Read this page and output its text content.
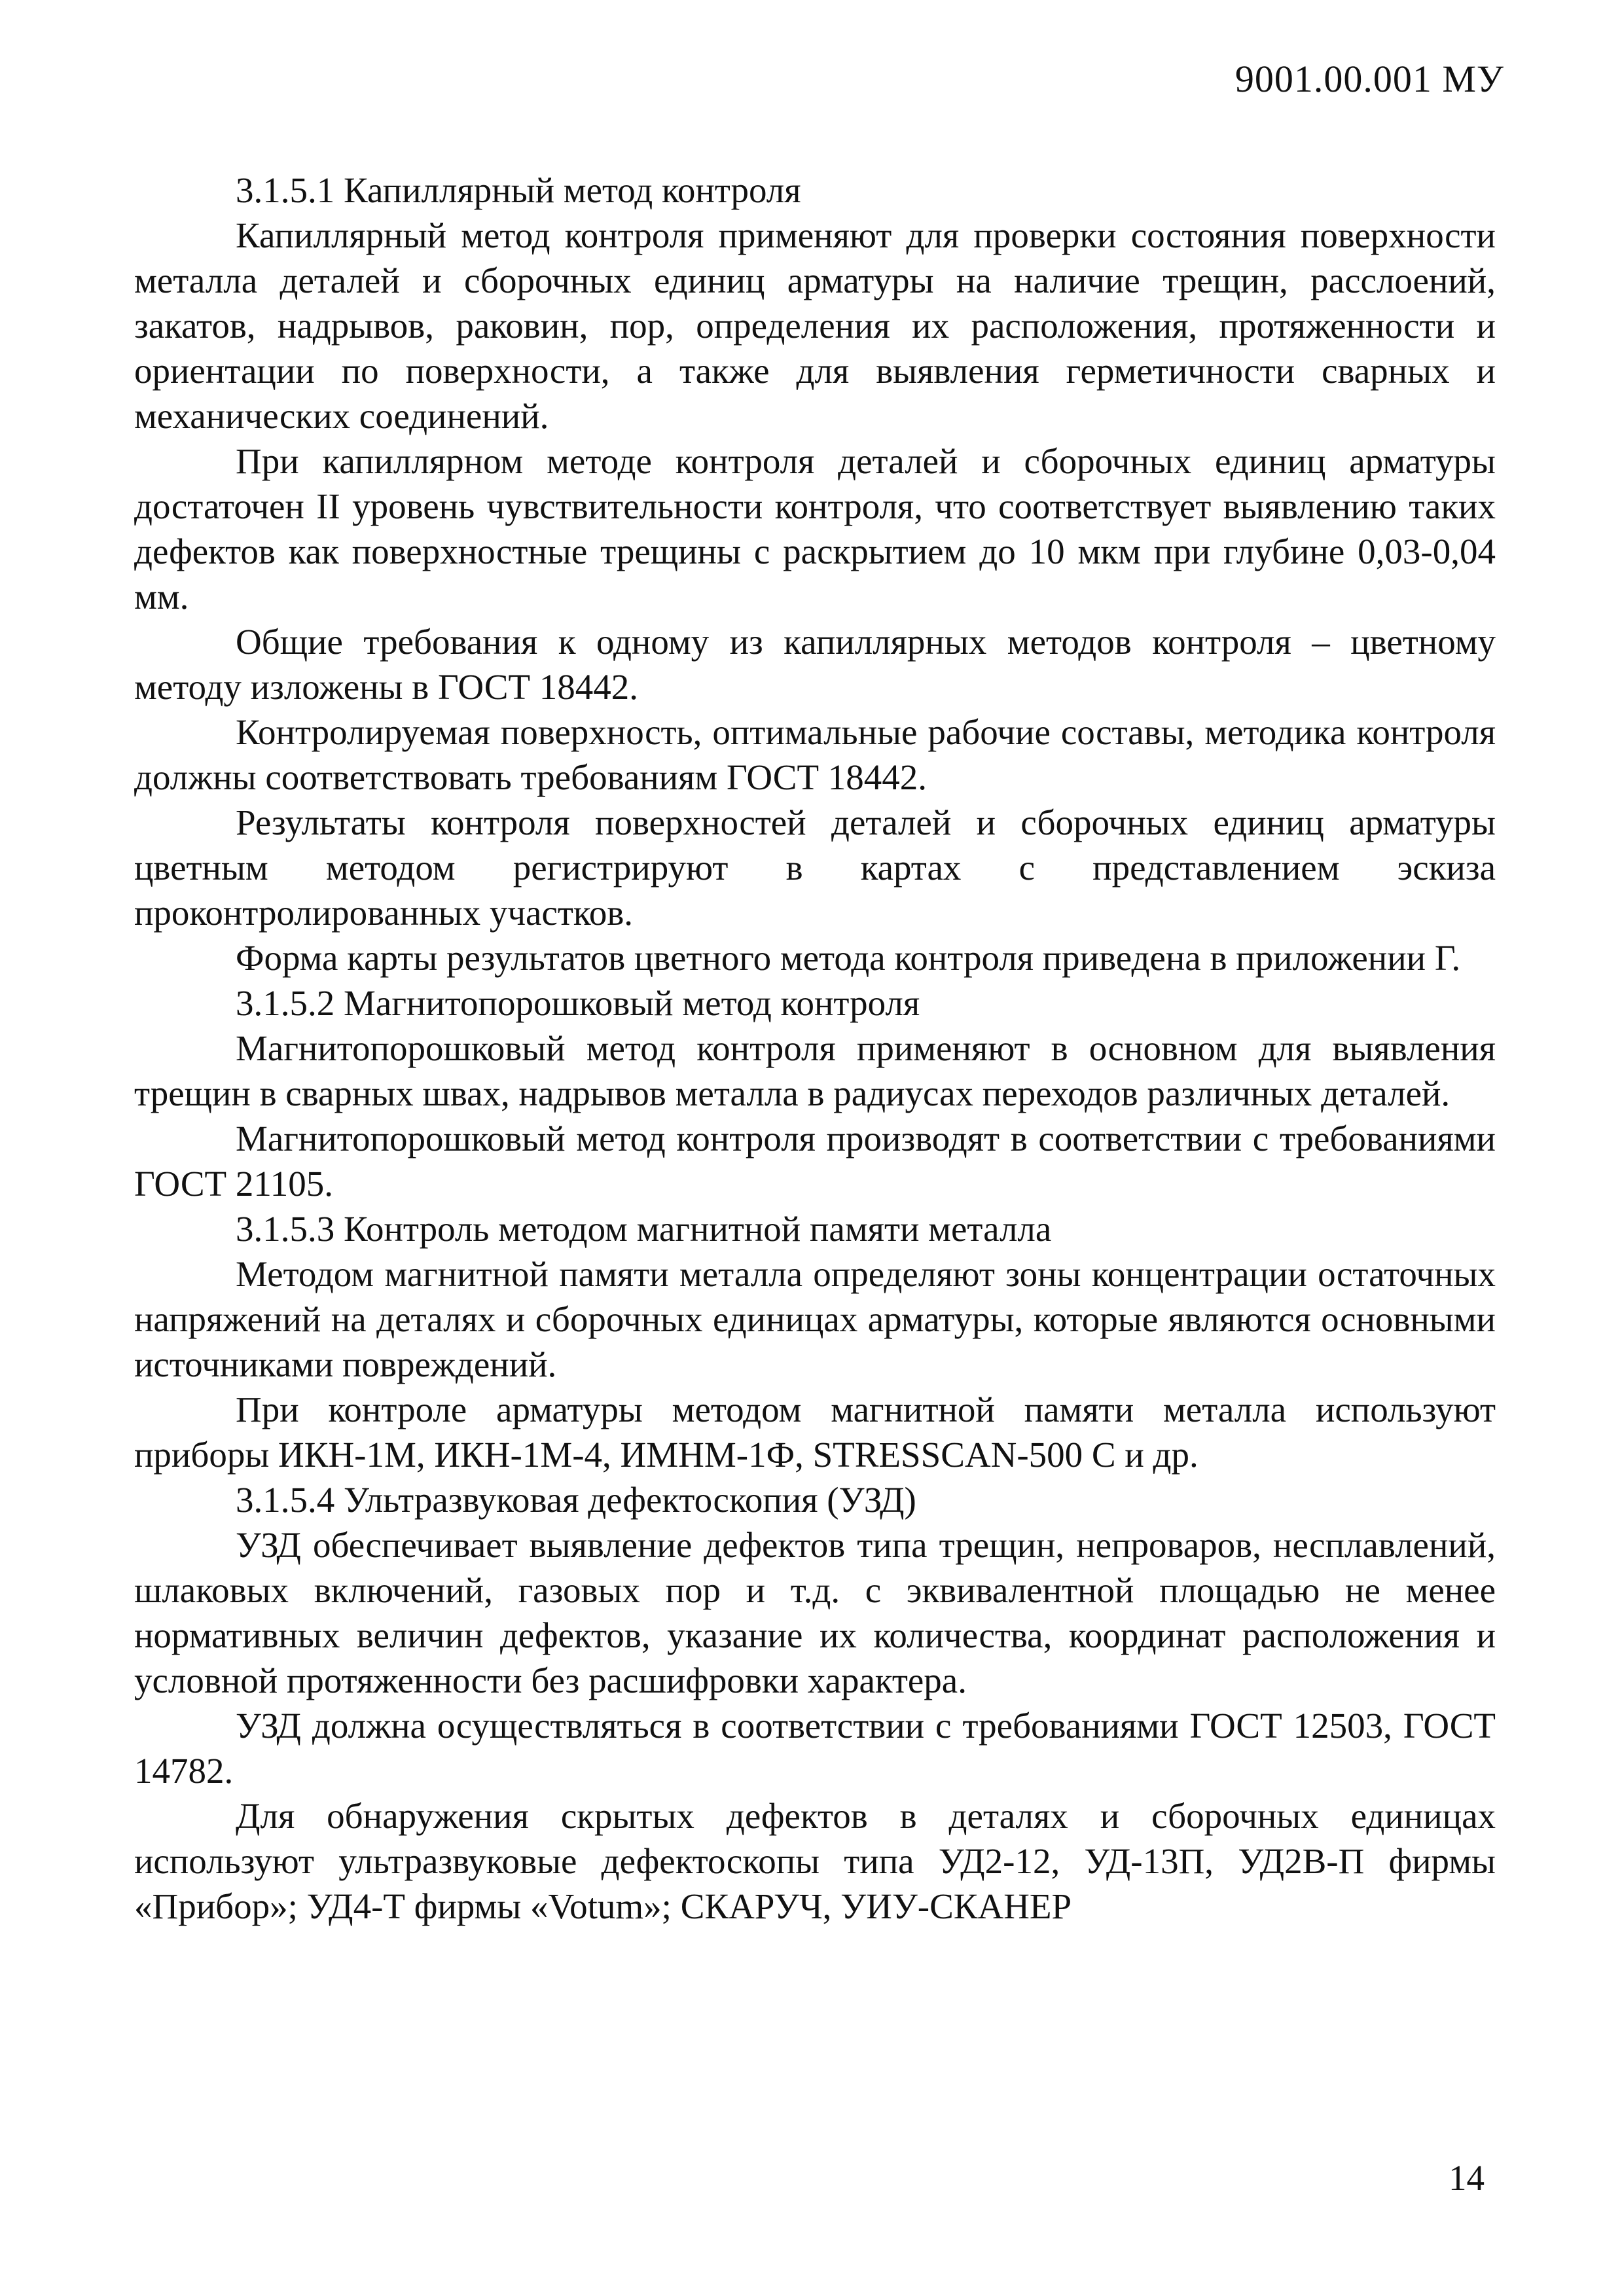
9001.00.001 МУ

3.1.5.1 Капиллярный метод контроля

Капиллярный метод контроля применяют для проверки состояния поверхности металла деталей и сборочных единиц арматуры на наличие трещин, расслоений, закатов, надрывов, раковин, пор, определения их расположения, протяженности и ориентации по поверхности, а также для выявления герметичности сварных и механических соединений.

При капиллярном методе контроля деталей и сборочных единиц арматуры достаточен II уровень чувствительности контроля, что соответствует выявлению таких дефектов как поверхностные трещины с раскрытием до 10 мкм при глубине 0,03-0,04 мм.

Общие требования к одному из капиллярных методов контроля – цветному методу изложены в ГОСТ 18442.

Контролируемая поверхность, оптимальные рабочие составы, методика контроля должны соответствовать требованиям ГОСТ 18442.

Результаты контроля поверхностей деталей и сборочных единиц арматуры цветным методом регистрируют в картах с представлением эскиза проконтролированных участков.

Форма карты результатов цветного метода контроля приведена в приложении Г.

3.1.5.2 Магнитопорошковый метод контроля

Магнитопорошковый метод контроля применяют в основном для выявления трещин в сварных швах, надрывов металла в радиусах переходов различных деталей.

Магнитопорошковый метод контроля производят в соответствии с требованиями ГОСТ 21105.

3.1.5.3 Контроль методом магнитной памяти металла

Методом магнитной памяти металла определяют зоны концентрации остаточных напряжений на деталях и сборочных единицах арматуры, которые являются основными источниками повреждений.

При контроле арматуры методом магнитной памяти металла используют приборы ИКН-1М, ИКН-1М-4, ИМНМ-1Ф, STRESSCAN-500 С и др.

3.1.5.4 Ультразвуковая дефектоскопия (УЗД)

УЗД обеспечивает выявление дефектов типа трещин, непроваров, несплавлений, шлаковых включений, газовых пор и т.д. с эквивалентной площадью не менее нормативных величин дефектов, указание их количества, координат расположения и условной протяженности без расшифровки характера.

УЗД должна осуществляться в соответствии с требованиями ГОСТ 12503, ГОСТ 14782.

Для обнаружения скрытых дефектов в деталях и сборочных единицах используют ультразвуковые дефектоскопы типа УД2-12, УД-13П, УД2В-П фирмы «Прибор»; УД4-Т фирмы «Votum»; СКАРУЧ, УИУ-СКАНЕР

14
